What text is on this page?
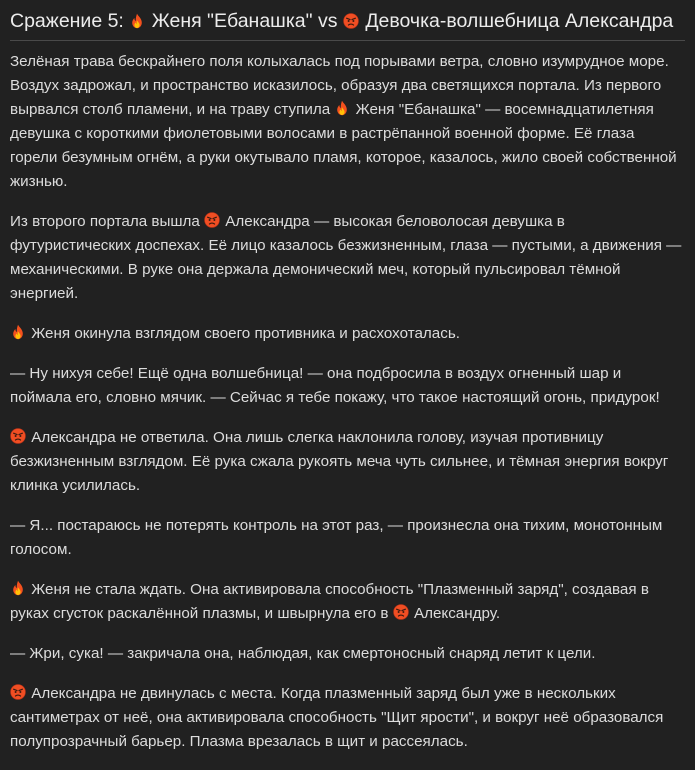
Сражение 5:
Женя "Ебанашка" vs
Девочка-волшебница Александра

Зелёная трава бескрайнего поля колыхалась под порывами ветра, словно изумрудное море. Воздух задрожал, и пространство исказилось, образуя два светящихся портала. Из первого вырвался столб пламени, и на траву ступила
Женя "Ебанашка" — восемнадцатилетняя девушка с короткими фиолетовыми волосами в растрёпанной военной форме. Её глаза горели безумным огнём, а руки окутывало пламя, которое, казалось, жило своей собственной жизнью.

Из второго портала вышла
Александра — высокая беловолосая девушка в футуристических доспехах. Её лицо казалось безжизненным, глаза — пустыми, а движения — механическими. В руке она держала демонический меч, который пульсировал тёмной энергией.

Женя окинула взглядом своего противника и расхохоталась.

— Ну нихуя себе! Ещё одна волшебница! — она подбросила в воздух огненный шар и поймала его, словно мячик. — Сейчас я тебе покажу, что такое настоящий огонь, придурок!

Александра не ответила. Она лишь слегка наклонила голову, изучая противницу безжизненным взглядом. Её рука сжала рукоять меча чуть сильнее, и тёмная энергия вокруг клинка усилилась.

— Я... постараюсь не потерять контроль на этот раз, — произнесла она тихим, монотонным голосом.

Женя не стала ждать. Она активировала способность "Плазменный заряд", создавая в руках сгусток раскалённой плазмы, и швырнула его в
Александру.

— Жри, сука! — закричала она, наблюдая, как смертоносный снаряд летит к цели.

Александра не двинулась с места. Когда плазменный заряд был уже в нескольких сантиметрах от неё, она активировала способность "Щит ярости", и вокруг неё образовался полупрозрачный барьер. Плазма врезалась в щит и рассеялась.
